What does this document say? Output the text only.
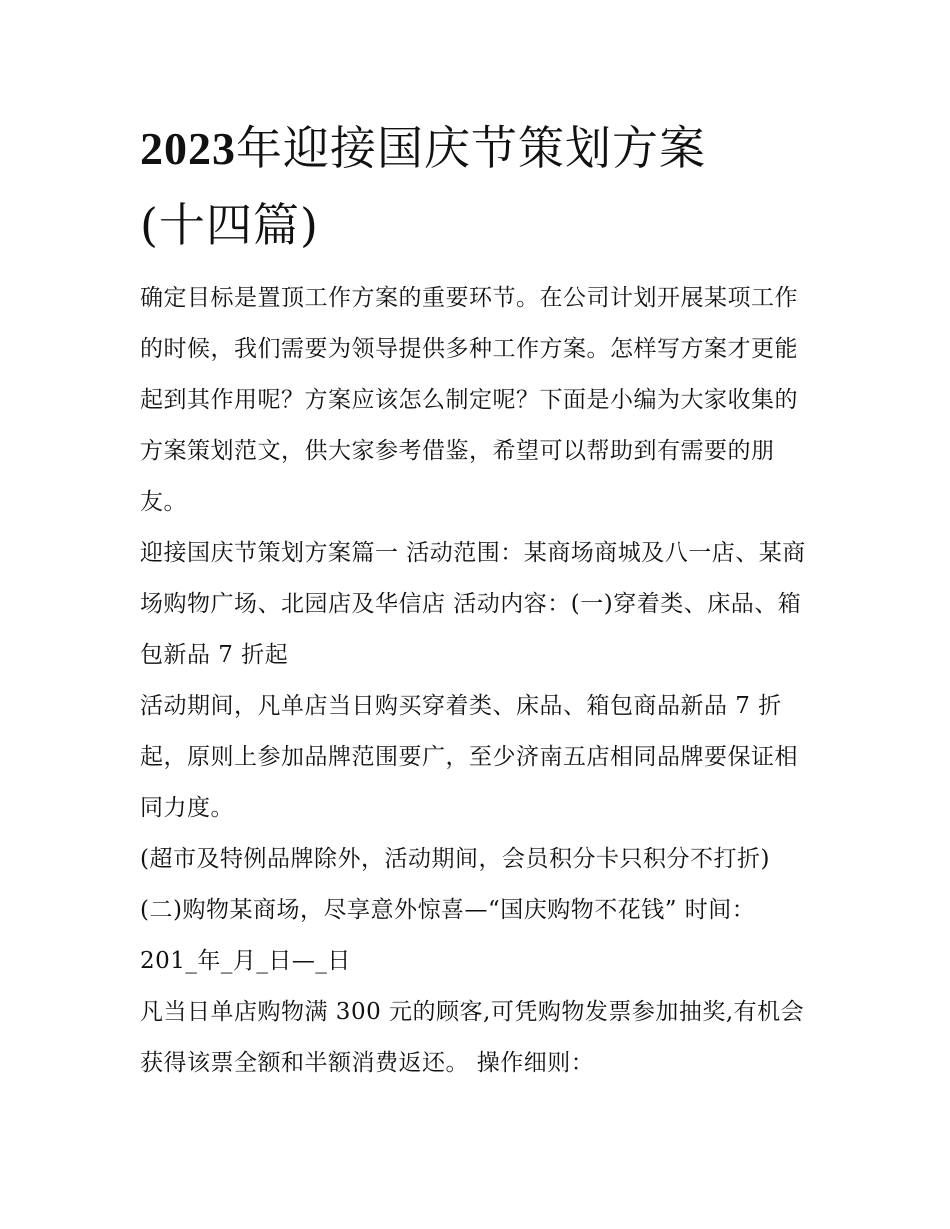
2023年迎接国庆节策划方案
(十四篇)

确定目标是置顶工作方案的重要环节。在公司计划开展某项工作的时候，我们需要为领导提供多种工作方案。怎样写方案才更能起到其作用呢？方案应该怎么制定呢？下面是小编为大家收集的方案策划范文，供大家参考借鉴，希望可以帮助到有需要的朋友。

迎接国庆节策划方案篇一 活动范围：某商场商城及八一店、某商场购物广场、北园店及华信店 活动内容：(一)穿着类、床品、箱包新品 7 折起

活动期间，凡单店当日购买穿着类、床品、箱包商品新品 7 折起，原则上参加品牌范围要广，至少济南五店相同品牌要保证相同力度。

(超市及特例品牌除外，活动期间，会员积分卡只积分不打折)

(二)购物某商场，尽享意外惊喜—“国庆购物不花钱” 时间：

201_年_月_日—_日

凡当日单店购物满 300 元的顾客,可凭购物发票参加抽奖,有机会获得该票全额和半额消费返还。 操作细则：
